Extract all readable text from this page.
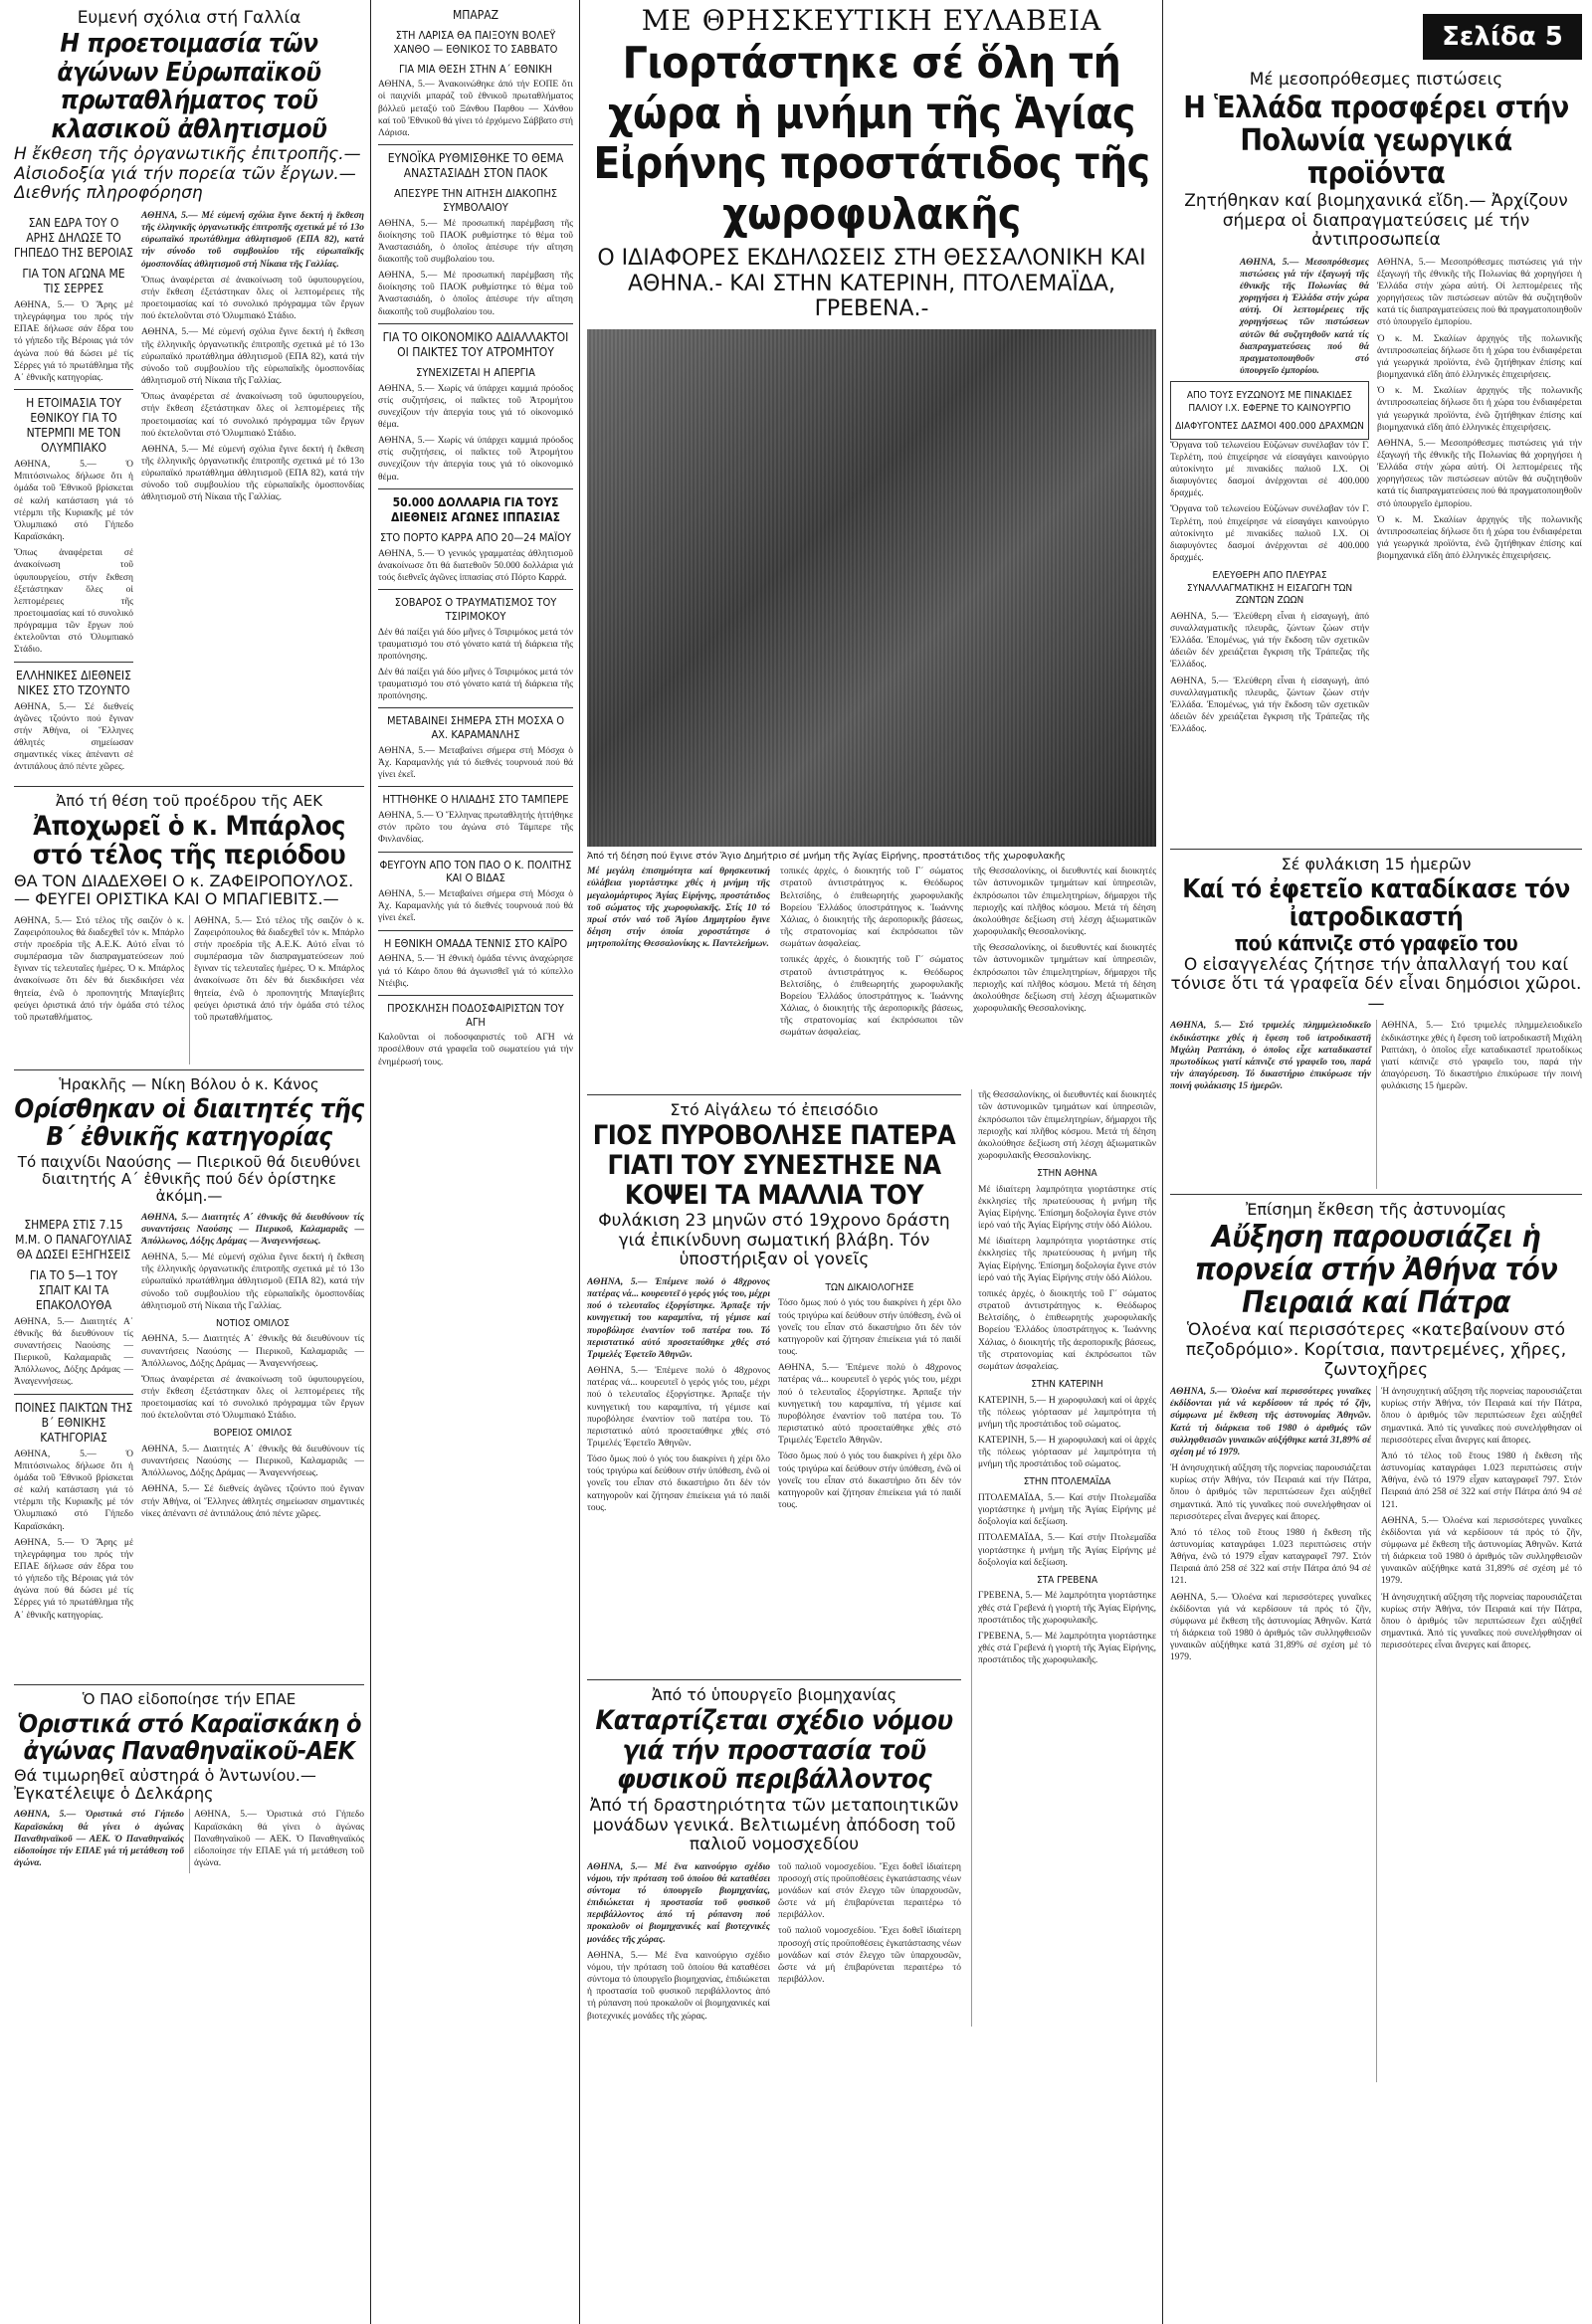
Ευμενή σχόλια στή Γαλλία
Η προετοιμασία τῶν ἀγώνων Εὐρωπαϊκοῦ πρωταθλήματος τοῦ κλασικοῦ ἀθλητισμοῦ
Η ἔκθεση τῆς ὀργανωτικῆς ἐπιτροπῆς.— Αἰσιοδοξία γιά τήν πορεία τῶν ἔργων.— Διεθνής πληροφόρηση
ΣΑΝ ΕΔΡΑ ΤΟΥ Ο ΑΡΗΣ ΔΗΛΩΣΕ ΤΟ ΓΗΠΕΔΟ ΤΗΣ ΒΕΡΟΙΑΣ
ΓΙΑ ΤΟΝ ΑΓΩΝΑ ΜΕ ΤΙΣ ΣΕΡΡΕΣ

ΑΘΗΝΑ, 5.— Ὁ Ἄρης μέ τηλεγράφημα του πρός τήν ΕΠΑΕ δήλωσε σάν ἔδρα του τό γήπεδο τῆς Βέροιας γιά τόν ἀγώνα πού θά δώσει μέ τίς Σέρρες γιά τό πρωτάθλημα τῆς Α΄ ἐθνικῆς κατηγορίας.

Η ΕΤΟΙΜΑΣΙΑ ΤΟΥ ΕΘΝΙΚΟΥ ΓΙΑ ΤΟ ΝΤΕΡΜΠΙ ΜΕ ΤΟΝ ΟΛΥΜΠΙΑΚΟ

ΑΘΗΝΑ, 5.— Ὁ Μπιτόσινωλος δήλωσε ὅτι ἡ ὁμάδα τοῦ Ἐθνικοῦ βρίσκεται σέ καλή κατάσταση γιά τό ντέρμπι τῆς Κυριακῆς μέ τόν Ὀλυμπιακό στό Γήπεδο Καραϊσκάκη.

Ὅπως ἀναφέρεται σέ ἀνακοίνωση τοῦ ὑφυπουργείου, στήν ἔκθεση ἐξετάστηκαν ὅλες οἱ λεπτομέρειες τῆς προετοιμασίας καί τό συνολικό πρόγραμμα τῶν ἔργων πού ἐκτελοῦνται στό Ὀλυμπιακό Στάδιο.

ΕΛΛΗΝΙΚΕΣ ΔΙΕΘΝΕΙΣ ΝΙΚΕΣ ΣΤΟ ΤΖΟΥΝΤΟ

ΑΘΗΝΑ, 5.— Σέ διεθνείς ἀγῶνες τζούντο πού ἔγιναν στήν Ἀθήνα, οἱ Ἕλληνες ἀθλητές σημείωσαν σημαντικές νίκες ἀπέναντι σέ ἀντιπάλους ἀπό πέντε χῶρες.

ΑΘΗΝΑ, 5.— Μέ εὐμενή σχόλια ἔγινε δεκτή ἡ ἔκθεση τῆς ἑλληνικῆς ὀργανωτικῆς ἐπιτροπῆς σχετικά μέ τό 13ο εὐρωπαϊκό πρωτάθλημα ἀθλητισμοῦ (ΕΠΑ 82), κατά τήν σύνοδο τοῦ συμβουλίου τῆς εὐρωπαϊκῆς ὁμοσπονδίας ἀθλητισμοῦ στή Νίκαια τῆς Γαλλίας.

Ὅπως ἀναφέρεται σέ ἀνακοίνωση τοῦ ὑφυπουργείου, στήν ἔκθεση ἐξετάστηκαν ὅλες οἱ λεπτομέρειες τῆς προετοιμασίας καί τό συνολικό πρόγραμμα τῶν ἔργων πού ἐκτελοῦνται στό Ὀλυμπιακό Στάδιο.

ΑΘΗΝΑ, 5.— Μέ εὐμενή σχόλια ἔγινε δεκτή ἡ ἔκθεση τῆς ἑλληνικῆς ὀργανωτικῆς ἐπιτροπῆς σχετικά μέ τό 13ο εὐρωπαϊκό πρωτάθλημα ἀθλητισμοῦ (ΕΠΑ 82), κατά τήν σύνοδο τοῦ συμβουλίου τῆς εὐρωπαϊκῆς ὁμοσπονδίας ἀθλητισμοῦ στή Νίκαια τῆς Γαλλίας.

Ὅπως ἀναφέρεται σέ ἀνακοίνωση τοῦ ὑφυπουργείου, στήν ἔκθεση ἐξετάστηκαν ὅλες οἱ λεπτομέρειες τῆς προετοιμασίας καί τό συνολικό πρόγραμμα τῶν ἔργων πού ἐκτελοῦνται στό Ὀλυμπιακό Στάδιο.

ΑΘΗΝΑ, 5.— Μέ εὐμενή σχόλια ἔγινε δεκτή ἡ ἔκθεση τῆς ἑλληνικῆς ὀργανωτικῆς ἐπιτροπῆς σχετικά μέ τό 13ο εὐρωπαϊκό πρωτάθλημα ἀθλητισμοῦ (ΕΠΑ 82), κατά τήν σύνοδο τοῦ συμβουλίου τῆς εὐρωπαϊκῆς ὁμοσπονδίας ἀθλητισμοῦ στή Νίκαια τῆς Γαλλίας.

Ἀπό τή θέση τοῦ προέδρου τῆς ΑΕΚ
Ἀποχωρεῖ ὁ κ. Μπάρλος στό τέλος τῆς περιόδου
ΘΑ ΤΟΝ ΔΙΑΔΕΧΘΕΙ Ο κ. ΖΑΦΕΙΡΟΠΟΥΛΟΣ.— ΦΕΥΓΕΙ ΟΡΙΣΤΙΚΑ ΚΑΙ Ο ΜΠΑΓΙΕΒΙΤΣ.—

ΑΘΗΝΑ, 5.— Στό τέλος τῆς σαιζόν ὁ κ. Ζαφειρόπουλος θά διαδεχθεῖ τόν κ. Μπάρλο στήν προεδρία τῆς Α.Ε.Κ. Αὐτό εἶναι τό συμπέρασμα τῶν διαπραγματεύσεων πού ἔγιναν τίς τελευταῖες ἡμέρες. Ὁ κ. Μπάρλος ἀνακοίνωσε ὅτι δέν θά διεκδικήσει νέα θητεία, ἐνῶ ὁ προπονητής Μπαγίεβιτς φεύγει ὁριστικά ἀπό τήν ὁμάδα στό τέλος τοῦ πρωταθλήματος.

ΑΘΗΝΑ, 5.— Στό τέλος τῆς σαιζόν ὁ κ. Ζαφειρόπουλος θά διαδεχθεῖ τόν κ. Μπάρλο στήν προεδρία τῆς Α.Ε.Κ. Αὐτό εἶναι τό συμπέρασμα τῶν διαπραγματεύσεων πού ἔγιναν τίς τελευταῖες ἡμέρες. Ὁ κ. Μπάρλος ἀνακοίνωσε ὅτι δέν θά διεκδικήσει νέα θητεία, ἐνῶ ὁ προπονητής Μπαγίεβιτς φεύγει ὁριστικά ἀπό τήν ὁμάδα στό τέλος τοῦ πρωταθλήματος.

Ἡρακλῆς — Νίκη Βόλου ὁ κ. Κάνος
Ορίσθηκαν οἱ διαιτητές τῆς Β΄ ἐθνικῆς κατηγορίας
Τό παιχνίδι Ναούσης — Πιερικοῦ θά διευθύνει διαιτητής Α΄ ἐθνικῆς πού δέν ὁρίστηκε ἀκόμη.—
ΣΗΜΕΡΑ ΣΤΙΣ 7.15 Μ.Μ. Ο ΠΑΝΑΓΟΥΛΙΑΣ ΘΑ ΔΩΣΕΙ ΕΞΗΓΗΣΕΙΣ
ΓΙΑ ΤΟ 5—1 ΤΟΥ ΣΠΑΙΤ ΚΑΙ ΤΑ ΕΠΑΚΟΛΟΥΘΑ

ΑΘΗΝΑ, 5.— Διαιτητές Α΄ ἐθνικῆς θά διευθύνουν τίς συναντήσεις Ναούσης — Πιερικοῦ, Καλαμαριᾶς — Ἀπόλλωνος, Δόξης Δράμας — Ἀναγεννήσεως.

ΠΟΙΝΕΣ ΠΑΙΚΤΩΝ ΤΗΣ Β΄ ΕΘΝΙΚΗΣ ΚΑΤΗΓΟΡΙΑΣ

ΑΘΗΝΑ, 5.— Ὁ Μπιτόσινωλος δήλωσε ὅτι ἡ ὁμάδα τοῦ Ἐθνικοῦ βρίσκεται σέ καλή κατάσταση γιά τό ντέρμπι τῆς Κυριακῆς μέ τόν Ὀλυμπιακό στό Γήπεδο Καραϊσκάκη.

ΑΘΗΝΑ, 5.— Ὁ Ἄρης μέ τηλεγράφημα του πρός τήν ΕΠΑΕ δήλωσε σάν ἔδρα του τό γήπεδο τῆς Βέροιας γιά τόν ἀγώνα πού θά δώσει μέ τίς Σέρρες γιά τό πρωτάθλημα τῆς Α΄ ἐθνικῆς κατηγορίας.

ΑΘΗΝΑ, 5.— Διαιτητές Α΄ ἐθνικῆς θά διευθύνουν τίς συναντήσεις Ναούσης — Πιερικοῦ, Καλαμαριᾶς — Ἀπόλλωνος, Δόξης Δράμας — Ἀναγεννήσεως.

ΑΘΗΝΑ, 5.— Μέ εὐμενή σχόλια ἔγινε δεκτή ἡ ἔκθεση τῆς ἑλληνικῆς ὀργανωτικῆς ἐπιτροπῆς σχετικά μέ τό 13ο εὐρωπαϊκό πρωτάθλημα ἀθλητισμοῦ (ΕΠΑ 82), κατά τήν σύνοδο τοῦ συμβουλίου τῆς εὐρωπαϊκῆς ὁμοσπονδίας ἀθλητισμοῦ στή Νίκαια τῆς Γαλλίας.

ΝΟΤΙΟΣ ΟΜΙΛΟΣ

ΑΘΗΝΑ, 5.— Διαιτητές Α΄ ἐθνικῆς θά διευθύνουν τίς συναντήσεις Ναούσης — Πιερικοῦ, Καλαμαριᾶς — Ἀπόλλωνος, Δόξης Δράμας — Ἀναγεννήσεως.

Ὅπως ἀναφέρεται σέ ἀνακοίνωση τοῦ ὑφυπουργείου, στήν ἔκθεση ἐξετάστηκαν ὅλες οἱ λεπτομέρειες τῆς προετοιμασίας καί τό συνολικό πρόγραμμα τῶν ἔργων πού ἐκτελοῦνται στό Ὀλυμπιακό Στάδιο.

ΒΟΡΕΙΟΣ ΟΜΙΛΟΣ

ΑΘΗΝΑ, 5.— Διαιτητές Α΄ ἐθνικῆς θά διευθύνουν τίς συναντήσεις Ναούσης — Πιερικοῦ, Καλαμαριᾶς — Ἀπόλλωνος, Δόξης Δράμας — Ἀναγεννήσεως.

ΑΘΗΝΑ, 5.— Σέ διεθνείς ἀγῶνες τζούντο πού ἔγιναν στήν Ἀθήνα, οἱ Ἕλληνες ἀθλητές σημείωσαν σημαντικές νίκες ἀπέναντι σέ ἀντιπάλους ἀπό πέντε χῶρες.

Ὁ ΠΑΟ εἰδοποίησε τήν ΕΠΑΕ
Ὁριστικά στό Καραϊσκάκη ὁ ἀγώνας Παναθηναϊκοῦ-ΑΕΚ
Θά τιμωρηθεῖ αὐστηρά ὁ Ἀντωνίου.— Ἐγκατέλειψε ὁ Δελκάρης

ΑΘΗΝΑ, 5.— Ὁριστικά στό Γήπεδο Καραϊσκάκη θά γίνει ὁ ἀγώνας Παναθηναϊκοῦ — ΑΕΚ. Ὁ Παναθηναϊκός εἰδοποίησε τήν ΕΠΑΕ γιά τή μετάθεση τοῦ ἀγώνα.

ΑΘΗΝΑ, 5.— Ὁριστικά στό Γήπεδο Καραϊσκάκη θά γίνει ὁ ἀγώνας Παναθηναϊκοῦ — ΑΕΚ. Ὁ Παναθηναϊκός εἰδοποίησε τήν ΕΠΑΕ γιά τή μετάθεση τοῦ ἀγώνα.

ΜΠΑΡΑΖ
ΣΤΗ ΛΑΡΙΣΑ ΘΑ ΠΑΙΞΟΥΝ ΒΟΛΕΫ ΧΑΝΘΟ — ΕΘΝΙΚΟΣ ΤΟ ΣΑΒΒΑΤΟ
ΓΙΑ ΜΙΑ ΘΕΣΗ ΣΤΗΝ Α΄ ΕΘΝΙΚΗ

ΑΘΗΝΑ, 5.— Ἀνακοινώθηκε ἀπό τήν ΕΟΠΕ ὅτι οἱ παιχνίδι μπαράζ τοῦ ἐθνικοῦ πρωταθλήματος βόλλεϋ μεταξύ τοῦ Ξάνθου Παρθου — Χάνθου καί τοῦ Ἐθνικοῦ θά γίνει τό ἐρχόμενο Σάββατο στή Λάρισα.

ΕΥΝΟΪΚΑ ΡΥΘΜΙΣΘΗΚΕ ΤΟ ΘΕΜΑ ΑΝΑΣΤΑΣΙΑΔΗ ΣΤΟΝ ΠΑΟΚ
ΑΠΕΣΥΡΕ ΤΗΝ ΑΙΤΗΣΗ ΔΙΑΚΟΠΗΣ ΣΥΜΒΟΛΑΙΟΥ

ΑΘΗΝΑ, 5.— Μέ προσωπική παρέμβαση τῆς διοίκησης τοῦ ΠΑΟΚ ρυθμίστηκε τό θέμα τοῦ Ἀναστασιάδη, ὁ ὁποῖος ἀπέσυρε τήν αἴτηση διακοπῆς τοῦ συμβολαίου του.

ΑΘΗΝΑ, 5.— Μέ προσωπική παρέμβαση τῆς διοίκησης τοῦ ΠΑΟΚ ρυθμίστηκε τό θέμα τοῦ Ἀναστασιάδη, ὁ ὁποῖος ἀπέσυρε τήν αἴτηση διακοπῆς τοῦ συμβολαίου του.

ΓΙΑ ΤΟ ΟΙΚΟΝΟΜΙΚΟ ΑΔΙΑΛΛΑΚΤΟΙ ΟΙ ΠΑΙΚΤΕΣ ΤΟΥ ΑΤΡΟΜΗΤΟΥ
ΣΥΝΕΧΙΖΕΤΑΙ Η ΑΠΕΡΓΙΑ

ΑΘΗΝΑ, 5.— Χωρίς νά ὑπάρχει καμμιά πρόοδος στίς συζητήσεις, οἱ παῖκτες τοῦ Ἀτρομήτου συνεχίζουν τήν ἀπεργία τους γιά τό οἰκονομικό θέμα.

ΑΘΗΝΑ, 5.— Χωρίς νά ὑπάρχει καμμιά πρόοδος στίς συζητήσεις, οἱ παῖκτες τοῦ Ἀτρομήτου συνεχίζουν τήν ἀπεργία τους γιά τό οἰκονομικό θέμα.

50.000 ΔΟΛΛΑΡΙΑ ΓΙΑ ΤΟΥΣ ΔΙΕΘΝΕΙΣ ΑΓΩΝΕΣ ΙΠΠΑΣΙΑΣ
ΣΤΟ ΠΟΡΤΟ ΚΑΡΡΑ ΑΠΟ 20—24 ΜΑΪΟΥ

ΑΘΗΝΑ, 5.— Ὁ γενικός γραμματέας ἀθλητισμοῦ ἀνακοίνωσε ὅτι θά διατεθοῦν 50.000 δολλάρια γιά τούς διεθνεῖς ἀγῶνες ἱππασίας στό Πόρτο Καρρά.

ΣΟΒΑΡΟΣ Ο ΤΡΑΥΜΑΤΙΣΜΟΣ ΤΟΥ ΤΣΙΡΙΜΟΚΟΥ

Δέν θά παίξει γιά δύο μῆνες ὁ Τσιριμόκος μετά τόν τραυματισμό του στό γόνατο κατά τή διάρκεια τῆς προπόνησης.

Δέν θά παίξει γιά δύο μῆνες ὁ Τσιριμόκος μετά τόν τραυματισμό του στό γόνατο κατά τή διάρκεια τῆς προπόνησης.

ΜΕΤΑΒΑΙΝΕΙ ΣΗΜΕΡΑ ΣΤΗ ΜΟΣΧΑ Ο ΑΧ. ΚΑΡΑΜΑΝΛΗΣ

ΑΘΗΝΑ, 5.— Μεταβαίνει σήμερα στή Μόσχα ὁ Ἀχ. Καραμανλής γιά τό διεθνές τουρνουά πού θά γίνει ἐκεῖ.

ΗΤΤΗΘΗΚΕ Ο ΗΛΙΑΔΗΣ ΣΤΟ ΤΑΜΠΕΡΕ

ΑΘΗΝΑ, 5.— Ὁ Ἕλληνας πρωταθλητής ἡττήθηκε στόν πρῶτο του ἀγώνα στό Τάμπερε τῆς Φινλανδίας.

ΦΕΥΓΟΥΝ ΑΠΟ ΤΟΝ ΠΑΟ Ο Κ. ΠΟΛΙΤΗΣ ΚΑΙ Ο ΒΙΔΑΣ

ΑΘΗΝΑ, 5.— Μεταβαίνει σήμερα στή Μόσχα ὁ Ἀχ. Καραμανλής γιά τό διεθνές τουρνουά πού θά γίνει ἐκεῖ.

Η ΕΘΝΙΚΗ ΟΜΑΔΑ ΤΕΝΝΙΣ ΣΤΟ ΚΑΪΡΟ

ΑΘΗΝΑ, 5.— Ἡ ἐθνική ὁμάδα τέννις ἀναχώρησε γιά τό Κάιρο ὅπου θά ἀγωνισθεῖ γιά τό κύπελλο Ντέιβις.

ΠΡΟΣΚΛΗΣΗ ΠΟΔΟΣΦΑΙΡΙΣΤΩΝ ΤΟΥ ΑΓΗ

Καλοῦνται οἱ ποδοσφαιριστές τοῦ ΑΓΗ νά προσέλθουν στά γραφεῖα τοῦ σωματείου γιά τήν ἐνημέρωσή τους.

ΜΕ ΘΡΗΣΚΕΥΤΙΚΗ ΕΥΛΑΒΕΙΑ
Γιορτάστηκε σέ ὅλη τή χώρα ἡ μνήμη τῆς Ἁγίας Εἰρήνης προστάτιδος τῆς χωροφυλακῆς
Ο ΙΔΙΑΦΟΡΕΣ ΕΚΔΗΛΩΣΕΙΣ ΣΤΗ ΘΕΣΣΑΛΟΝΙΚΗ ΚΑΙ ΑΘΗΝΑ.- ΚΑΙ ΣΤΗΝ ΚΑΤΕΡΙΝΗ, ΠΤΟΛΕΜΑΪΔΑ, ΓΡΕΒΕΝΑ.-
Ἀπό τή δέηση πού ἔγινε στόν Ἅγιο Δημήτριο σέ μνήμη τῆς Ἁγίας Εἰρήνης, προστάτιδος τῆς χωροφυλακῆς

Μέ μεγάλη ἐπισημότητα καί θρησκευτική εὐλάβεια γιορτάστηκε χθές ἡ μνήμη τῆς μεγαλομάρτυρος Ἁγίας Εἰρήνης, προστάτιδος τοῦ σώματος τῆς χωροφυλακῆς. Στίς 10 τό πρωί στόν ναό τοῦ Ἁγίου Δημητρίου ἔγινε δέηση στήν ὁποία χοροστάτησε ὁ μητροπολίτης Θεσσαλονίκης κ. Παντελεήμων.

τοπικές ἀρχές, ὁ διοικητής τοῦ Γ΄ σώματος στρατοῦ ἀντιστράτηγος κ. Θεόδωρος Βελτσίδης, ὁ ἐπιθεωρητής χωροφυλακῆς Βορείου Ἑλλάδος ὑποστράτηγος κ. Ἰωάννης Χάλιας, ὁ διοικητής τῆς ἀεροπορικῆς βάσεως, τῆς στρατονομίας καί ἐκπρόσωποι τῶν σωμάτων ἀσφαλείας.

τοπικές ἀρχές, ὁ διοικητής τοῦ Γ΄ σώματος στρατοῦ ἀντιστράτηγος κ. Θεόδωρος Βελτσίδης, ὁ ἐπιθεωρητής χωροφυλακῆς Βορείου Ἑλλάδος ὑποστράτηγος κ. Ἰωάννης Χάλιας, ὁ διοικητής τῆς ἀεροπορικῆς βάσεως, τῆς στρατονομίας καί ἐκπρόσωποι τῶν σωμάτων ἀσφαλείας.

τῆς Θεσσαλονίκης, οἱ διευθυντές καί διοικητές τῶν ἀστυνομικῶν τμημάτων καί ὑπηρεσιῶν, ἐκπρόσωποι τῶν ἐπιμελητηρίων, δήμαρχοι τῆς περιοχῆς καί πλῆθος κόσμου. Μετά τή δέηση ἀκολούθησε δεξίωση στή λέσχη ἀξιωματικῶν χωροφυλακῆς Θεσσαλονίκης.

τῆς Θεσσαλονίκης, οἱ διευθυντές καί διοικητές τῶν ἀστυνομικῶν τμημάτων καί ὑπηρεσιῶν, ἐκπρόσωποι τῶν ἐπιμελητηρίων, δήμαρχοι τῆς περιοχῆς καί πλῆθος κόσμου. Μετά τή δέηση ἀκολούθησε δεξίωση στή λέσχη ἀξιωματικῶν χωροφυλακῆς Θεσσαλονίκης.

Στό Αἰγάλεω τό ἐπεισόδιο
ΓΙΟΣ ΠΥΡΟΒΟΛΗΣΕ ΠΑΤΕΡΑ ΓΙΑΤΙ ΤΟΥ ΣΥΝΕΣΤΗΣΕ ΝΑ ΚΟΨΕΙ ΤΑ ΜΑΛΛΙΑ ΤΟΥ
Φυλάκιση 23 μηνῶν στό 19χρονο δράστη γιά ἐπικίνδυνη σωματική βλάβη. Τόν ὑποστήριξαν οἱ γονεῖς

ΑΘΗΝΑ, 5.— Ἐπέμενε πολύ ὁ 48χρονος πατέρας νά... κουρευτεῖ ὁ γερός γιός του, μέχρι πού ὁ τελευταῖος ἐξοργίστηκε. Ἁρπαξε τήν κυνηγετική του καραμπίνα, τή γέμισε καί πυροβόλησε ἐναντίον τοῦ πατέρα του. Τό περιστατικό αὐτό προσεταύθηκε χθές στό Τριμελές Ἐφετεῖο Ἀθηνῶν.

ΑΘΗΝΑ, 5.— Ἐπέμενε πολύ ὁ 48χρονος πατέρας νά... κουρευτεῖ ὁ γερός γιός του, μέχρι πού ὁ τελευταῖος ἐξοργίστηκε. Ἁρπαξε τήν κυνηγετική του καραμπίνα, τή γέμισε καί πυροβόλησε ἐναντίον τοῦ πατέρα του. Τό περιστατικό αὐτό προσεταύθηκε χθές στό Τριμελές Ἐφετεῖο Ἀθηνῶν.

Τόσο ὅμως πού ὁ γιός του διακρίνει ἡ χέρι ὅλο τούς τριγύρω καί δεύθουν στήν ὑπόθεση, ἐνῶ οἱ γονεῖς του εἶπαν στό δικαστήριο ὅτι δέν τόν κατηγοροῦν καί ζήτησαν ἐπιείκεια γιά τό παιδί τους.

ΤΩΝ ΔΙΚΑΙΟΛΟΓΗΣΕ

Τόσο ὅμως πού ὁ γιός του διακρίνει ἡ χέρι ὅλο τούς τριγύρω καί δεύθουν στήν ὑπόθεση, ἐνῶ οἱ γονεῖς του εἶπαν στό δικαστήριο ὅτι δέν τόν κατηγοροῦν καί ζήτησαν ἐπιείκεια γιά τό παιδί τους.

ΑΘΗΝΑ, 5.— Ἐπέμενε πολύ ὁ 48χρονος πατέρας νά... κουρευτεῖ ὁ γερός γιός του, μέχρι πού ὁ τελευταῖος ἐξοργίστηκε. Ἁρπαξε τήν κυνηγετική του καραμπίνα, τή γέμισε καί πυροβόλησε ἐναντίον τοῦ πατέρα του. Τό περιστατικό αὐτό προσεταύθηκε χθές στό Τριμελές Ἐφετεῖο Ἀθηνῶν.

Τόσο ὅμως πού ὁ γιός του διακρίνει ἡ χέρι ὅλο τούς τριγύρω καί δεύθουν στήν ὑπόθεση, ἐνῶ οἱ γονεῖς του εἶπαν στό δικαστήριο ὅτι δέν τόν κατηγοροῦν καί ζήτησαν ἐπιείκεια γιά τό παιδί τους.

Ἀπό τό ὑπουργεῖο βιομηχανίας
Καταρτίζεται σχέδιο νόμου γιά τήν προστασία τοῦ φυσικοῦ περιβάλλοντος
Ἀπό τή δραστηριότητα τῶν μεταποιητικῶν μονάδων γενικά. Βελτιωμένη ἀπόδοση τοῦ παλιοῦ νομοσχεδίου

ΑΘΗΝΑ, 5.— Μέ ἕνα καινούργιο σχέδιο νόμου, τήν πρόταση τοῦ ὁποίου θά καταθέσει σύντομα τό ὑπουργεῖο βιομηχανίας, ἐπιδιώκεται ἡ προστασία τοῦ φυσικοῦ περιβάλλοντος ἀπό τή ρύπανση πού προκαλοῦν οἱ βιομηχανικές καί βιοτεχνικές μονάδες τῆς χώρας.

ΑΘΗΝΑ, 5.— Μέ ἕνα καινούργιο σχέδιο νόμου, τήν πρόταση τοῦ ὁποίου θά καταθέσει σύντομα τό ὑπουργεῖο βιομηχανίας, ἐπιδιώκεται ἡ προστασία τοῦ φυσικοῦ περιβάλλοντος ἀπό τή ρύπανση πού προκαλοῦν οἱ βιομηχανικές καί βιοτεχνικές μονάδες τῆς χώρας.

τοῦ παλιοῦ νομοσχεδίου. Ἔχει δοθεῖ ἰδιαίτερη προσοχή στίς προϋποθέσεις ἐγκατάστασης νέων μονάδων καί στόν ἔλεγχο τῶν ὑπαρχουσῶν, ὥστε νά μή ἐπιβαρύνεται περαιτέρω τό περιβάλλον.

τοῦ παλιοῦ νομοσχεδίου. Ἔχει δοθεῖ ἰδιαίτερη προσοχή στίς προϋποθέσεις ἐγκατάστασης νέων μονάδων καί στόν ἔλεγχο τῶν ὑπαρχουσῶν, ὥστε νά μή ἐπιβαρύνεται περαιτέρω τό περιβάλλον.

τῆς Θεσσαλονίκης, οἱ διευθυντές καί διοικητές τῶν ἀστυνομικῶν τμημάτων καί ὑπηρεσιῶν, ἐκπρόσωποι τῶν ἐπιμελητηρίων, δήμαρχοι τῆς περιοχῆς καί πλῆθος κόσμου. Μετά τή δέηση ἀκολούθησε δεξίωση στή λέσχη ἀξιωματικῶν χωροφυλακῆς Θεσσαλονίκης.

ΣΤΗΝ ΑΘΗΝΑ

Μέ ἰδιαίτερη λαμπρότητα γιορτάστηκε στίς ἐκκλησίες τῆς πρωτεύουσας ἡ μνήμη τῆς Ἁγίας Εἰρήνης. Ἐπίσημη δοξολογία ἔγινε στόν ἱερό ναό τῆς Ἁγίας Εἰρήνης στήν ὁδό Αἰόλου.

Μέ ἰδιαίτερη λαμπρότητα γιορτάστηκε στίς ἐκκλησίες τῆς πρωτεύουσας ἡ μνήμη τῆς Ἁγίας Εἰρήνης. Ἐπίσημη δοξολογία ἔγινε στόν ἱερό ναό τῆς Ἁγίας Εἰρήνης στήν ὁδό Αἰόλου.

τοπικές ἀρχές, ὁ διοικητής τοῦ Γ΄ σώματος στρατοῦ ἀντιστράτηγος κ. Θεόδωρος Βελτσίδης, ὁ ἐπιθεωρητής χωροφυλακῆς Βορείου Ἑλλάδος ὑποστράτηγος κ. Ἰωάννης Χάλιας, ὁ διοικητής τῆς ἀεροπορικῆς βάσεως, τῆς στρατονομίας καί ἐκπρόσωποι τῶν σωμάτων ἀσφαλείας.

ΣΤΗΝ ΚΑΤΕΡΙΝΗ

ΚΑΤΕΡΙΝΗ, 5.— Η χωροφυλακή καί οἱ ἀρχές τῆς πόλεως γιόρτασαν μέ λαμπρότητα τή μνήμη τῆς προστάτιδος τοῦ σώματος.

ΚΑΤΕΡΙΝΗ, 5.— Η χωροφυλακή καί οἱ ἀρχές τῆς πόλεως γιόρτασαν μέ λαμπρότητα τή μνήμη τῆς προστάτιδος τοῦ σώματος.

ΣΤΗΝ ΠΤΟΛΕΜΑΪΔΑ

ΠΤΟΛΕΜΑΪΔΑ, 5.— Καί στήν Πτολεμαΐδα γιορτάστηκε ἡ μνήμη τῆς Ἁγίας Εἰρήνης μέ δοξολογία καί δεξίωση.

ΠΤΟΛΕΜΑΪΔΑ, 5.— Καί στήν Πτολεμαΐδα γιορτάστηκε ἡ μνήμη τῆς Ἁγίας Εἰρήνης μέ δοξολογία καί δεξίωση.

ΣΤΑ ΓΡΕΒΕΝΑ

ΓΡΕΒΕΝΑ, 5.— Μέ λαμπρότητα γιορτάστηκε χθές στά Γρεβενά ἡ γιορτή τῆς Ἁγίας Εἰρήνης, προστάτιδος τῆς χωροφυλακῆς.

ΓΡΕΒΕΝΑ, 5.— Μέ λαμπρότητα γιορτάστηκε χθές στά Γρεβενά ἡ γιορτή τῆς Ἁγίας Εἰρήνης, προστάτιδος τῆς χωροφυλακῆς.

Σελίδα 5
Μέ μεσοπρόθεσμες πιστώσεις
Η Ἑλλάδα προσφέρει στήν Πολωνία γεωργικά προϊόντα
Ζητήθηκαν καί βιομηχανικά εἴδη.— Ἀρχίζουν σήμερα οἱ διαπραγματεύσεις μέ τήν ἀντιπροσωπεία

ΑΘΗΝΑ, 5.— Μεσοπρόθεσμες πιστώσεις γιά τήν ἐξαγωγή τῆς ἐθνικῆς τῆς Πολωνίας θά χορηγήσει ἡ Ἑλλάδα στήν χώρα αὐτή. Οἱ λεπτομέρειες τῆς χορηγήσεως τῶν πιστώσεων αὐτῶν θά συζητηθοῦν κατά τίς διαπραγματεύσεις πού θά πραγματοποιηθοῦν στό ὑπουργεῖο ἐμπορίου.

ΑΠΟ ΤΟΥΣ ΕΥΖΩΝΟΥΣ ΜΕ ΠΙΝΑΚΙΔΕΣ ΠΑΛΙΟΥ Ι.Χ. ΕΦΕΡΝΕ ΤΟ ΚΑΙΝΟΥΡΓΙΟ
ΔΙΑΦΥΓΟΝΤΕΣ ΔΑΣΜΟΙ 400.000 ΔΡΑΧΜΩΝ

Ὄργανα τοῦ τελωνείου Εὐζώνων συνέλαβαν τόν Γ. Τερλέτη, πού ἐπιχείρησε νά εἰσαγάγει καινούργιο αὐτοκίνητο μέ πινακίδες παλιοῦ Ι.Χ. Οἱ διαφυγόντες δασμοί ἀνέρχονται σέ 400.000 δραχμές.

Ὄργανα τοῦ τελωνείου Εὐζώνων συνέλαβαν τόν Γ. Τερλέτη, πού ἐπιχείρησε νά εἰσαγάγει καινούργιο αὐτοκίνητο μέ πινακίδες παλιοῦ Ι.Χ. Οἱ διαφυγόντες δασμοί ἀνέρχονται σέ 400.000 δραχμές.

ΕΛΕΥΘΕΡΗ ΑΠΟ ΠΛΕΥΡΑΣ ΣΥΝΑΛΛΑΓΜΑΤΙΚΗΣ Η ΕΙΣΑΓΩΓΗ ΤΩΝ ΖΩΝΤΩΝ ΖΩΩΝ

ΑΘΗΝΑ, 5.— Ἐλεύθερη εἶναι ἡ εἰσαγωγή, ἀπό συναλλαγματικῆς πλευρᾶς, ζώντων ζώων στήν Ἑλλάδα. Ἐπομένως, γιά τήν ἔκδοση τῶν σχετικῶν ἀδειῶν δέν χρειάζεται ἔγκριση τῆς Τράπεζας τῆς Ἑλλάδος.

ΑΘΗΝΑ, 5.— Ἐλεύθερη εἶναι ἡ εἰσαγωγή, ἀπό συναλλαγματικῆς πλευρᾶς, ζώντων ζώων στήν Ἑλλάδα. Ἐπομένως, γιά τήν ἔκδοση τῶν σχετικῶν ἀδειῶν δέν χρειάζεται ἔγκριση τῆς Τράπεζας τῆς Ἑλλάδος.

ΑΘΗΝΑ, 5.— Μεσοπρόθεσμες πιστώσεις γιά τήν ἐξαγωγή τῆς ἐθνικῆς τῆς Πολωνίας θά χορηγήσει ἡ Ἑλλάδα στήν χώρα αὐτή. Οἱ λεπτομέρειες τῆς χορηγήσεως τῶν πιστώσεων αὐτῶν θά συζητηθοῦν κατά τίς διαπραγματεύσεις πού θά πραγματοποιηθοῦν στό ὑπουργεῖο ἐμπορίου.

Ὁ κ. Μ. Σκαλίων ἀρχηγός τῆς πολωνικῆς ἀντιπροσωπείας δήλωσε ὅτι ἡ χώρα του ἐνδιαφέρεται γιά γεωργικά προϊόντα, ἐνῶ ζητήθηκαν ἐπίσης καί βιομηχανικά εἴδη ἀπό ἑλληνικές ἐπιχειρήσεις.

Ὁ κ. Μ. Σκαλίων ἀρχηγός τῆς πολωνικῆς ἀντιπροσωπείας δήλωσε ὅτι ἡ χώρα του ἐνδιαφέρεται γιά γεωργικά προϊόντα, ἐνῶ ζητήθηκαν ἐπίσης καί βιομηχανικά εἴδη ἀπό ἑλληνικές ἐπιχειρήσεις.

ΑΘΗΝΑ, 5.— Μεσοπρόθεσμες πιστώσεις γιά τήν ἐξαγωγή τῆς ἐθνικῆς τῆς Πολωνίας θά χορηγήσει ἡ Ἑλλάδα στήν χώρα αὐτή. Οἱ λεπτομέρειες τῆς χορηγήσεως τῶν πιστώσεων αὐτῶν θά συζητηθοῦν κατά τίς διαπραγματεύσεις πού θά πραγματοποιηθοῦν στό ὑπουργεῖο ἐμπορίου.

Ὁ κ. Μ. Σκαλίων ἀρχηγός τῆς πολωνικῆς ἀντιπροσωπείας δήλωσε ὅτι ἡ χώρα του ἐνδιαφέρεται γιά γεωργικά προϊόντα, ἐνῶ ζητήθηκαν ἐπίσης καί βιομηχανικά εἴδη ἀπό ἑλληνικές ἐπιχειρήσεις.

Σέ φυλάκιση 15 ἡμερῶν
Καί τό ἐφετεῖο καταδίκασε τόν ἰατροδικαστή
πού κάπνιζε στό γραφεῖο του
Ο εἰσαγγελέας ζήτησε τήν ἀπαλλαγή του καί τόνισε ὅτι τά γραφεῖα δέν εἶναι δημόσιοι χῶροι.—

ΑΘΗΝΑ, 5.— Στό τριμελές πλημμελειοδικεῖο ἐκδικάστηκε χθές ἡ ἔφεση τοῦ ἰατροδικαστῆ Μιχάλη Ραπτάκη, ὁ ὁποῖος εἶχε καταδικαστεῖ πρωτοδίκως γιατί κάπνιζε στό γραφεῖο του, παρά τήν ἀπαγόρευση. Τό δικαστήριο ἐπικύρωσε τήν ποινή φυλάκισης 15 ἡμερῶν.

ΑΘΗΝΑ, 5.— Στό τριμελές πλημμελειοδικεῖο ἐκδικάστηκε χθές ἡ ἔφεση τοῦ ἰατροδικαστῆ Μιχάλη Ραπτάκη, ὁ ὁποῖος εἶχε καταδικαστεῖ πρωτοδίκως γιατί κάπνιζε στό γραφεῖο του, παρά τήν ἀπαγόρευση. Τό δικαστήριο ἐπικύρωσε τήν ποινή φυλάκισης 15 ἡμερῶν.

Ἐπίσημη ἔκθεση τῆς ἀστυνομίας
Αὔξηση παρουσιάζει ἡ πορνεία στήν Ἀθήνα τόν Πειραιά καί Πάτρα
Ὁλοένα καί περισσότερες «κατεβαίνουν στό πεζοδρόμιο». Κορίτσια, παντρεμένες, χῆρες, ζωντοχῆρες

ΑΘΗΝΑ, 5.— Ὁλοένα καί περισσότερες γυναῖκες ἐκδίδονται γιά νά κερδίσουν τά πρός τό ζῆν, σύμφωνα μέ ἔκθεση τῆς ἀστυνομίας Ἀθηνῶν. Κατά τή διάρκεια τοῦ 1980 ὁ ἀριθμός τῶν συλληφθεισῶν γυναικῶν αὐξήθηκε κατά 31,89% σέ σχέση μέ τό 1979.

Ἡ ἀνησυχητική αὔξηση τῆς πορνείας παρουσιάζεται κυρίως στήν Ἀθήνα, τόν Πειραιά καί τήν Πάτρα, ὅπου ὁ ἀριθμός τῶν περιπτώσεων ἔχει αὐξηθεῖ σημαντικά. Ἀπό τίς γυναῖκες πού συνελήφθησαν οἱ περισσότερες εἶναι ἄνεργες καί ἄπορες.

Ἀπό τό τέλος τοῦ ἔτους 1980 ἡ ἔκθεση τῆς ἀστυνομίας καταγράφει 1.023 περιπτώσεις στήν Ἀθήνα, ἐνῶ τό 1979 εἶχαν καταγραφεῖ 797. Στόν Πειραιά ἀπό 258 σέ 322 καί στήν Πάτρα ἀπό 94 σέ 121.

ΑΘΗΝΑ, 5.— Ὁλοένα καί περισσότερες γυναῖκες ἐκδίδονται γιά νά κερδίσουν τά πρός τό ζῆν, σύμφωνα μέ ἔκθεση τῆς ἀστυνομίας Ἀθηνῶν. Κατά τή διάρκεια τοῦ 1980 ὁ ἀριθμός τῶν συλληφθεισῶν γυναικῶν αὐξήθηκε κατά 31,89% σέ σχέση μέ τό 1979.

Ἡ ἀνησυχητική αὔξηση τῆς πορνείας παρουσιάζεται κυρίως στήν Ἀθήνα, τόν Πειραιά καί τήν Πάτρα, ὅπου ὁ ἀριθμός τῶν περιπτώσεων ἔχει αὐξηθεῖ σημαντικά. Ἀπό τίς γυναῖκες πού συνελήφθησαν οἱ περισσότερες εἶναι ἄνεργες καί ἄπορες.

Ἀπό τό τέλος τοῦ ἔτους 1980 ἡ ἔκθεση τῆς ἀστυνομίας καταγράφει 1.023 περιπτώσεις στήν Ἀθήνα, ἐνῶ τό 1979 εἶχαν καταγραφεῖ 797. Στόν Πειραιά ἀπό 258 σέ 322 καί στήν Πάτρα ἀπό 94 σέ 121.

ΑΘΗΝΑ, 5.— Ὁλοένα καί περισσότερες γυναῖκες ἐκδίδονται γιά νά κερδίσουν τά πρός τό ζῆν, σύμφωνα μέ ἔκθεση τῆς ἀστυνομίας Ἀθηνῶν. Κατά τή διάρκεια τοῦ 1980 ὁ ἀριθμός τῶν συλληφθεισῶν γυναικῶν αὐξήθηκε κατά 31,89% σέ σχέση μέ τό 1979.

Ἡ ἀνησυχητική αὔξηση τῆς πορνείας παρουσιάζεται κυρίως στήν Ἀθήνα, τόν Πειραιά καί τήν Πάτρα, ὅπου ὁ ἀριθμός τῶν περιπτώσεων ἔχει αὐξηθεῖ σημαντικά. Ἀπό τίς γυναῖκες πού συνελήφθησαν οἱ περισσότερες εἶναι ἄνεργες καί ἄπορες.
